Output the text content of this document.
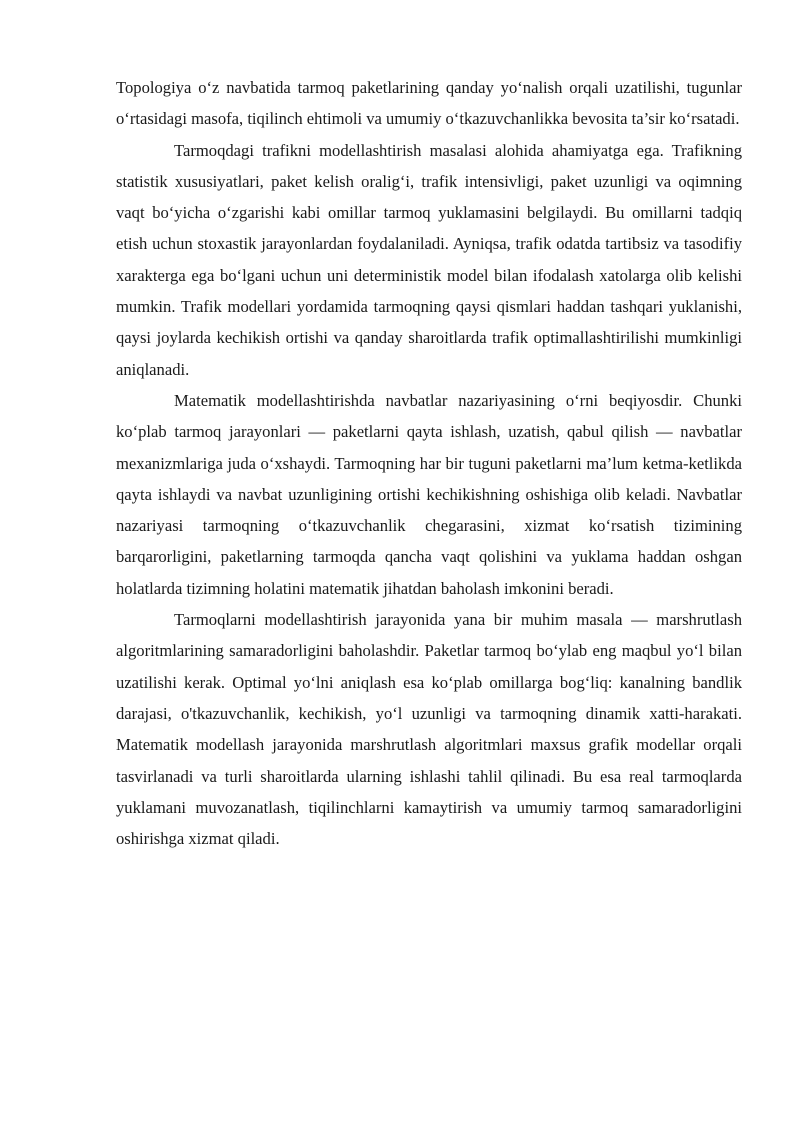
Topologiya o‘z navbatida tarmoq paketlarining qanday yo‘nalish orqali uzatilishi, tugunlar o‘rtasidagi masofa, tiqilinch ehtimoli va umumiy o‘tkazuvchanlikka bevosita ta’sir ko‘rsatadi.

Tarmoqdagi trafikni modellashtirish masalasi alohida ahamiyatga ega. Trafikning statistik xususiyatlari, paket kelish oralig‘i, trafik intensivligi, paket uzunligi va oqimning vaqt bo‘yicha o‘zgarishi kabi omillar tarmoq yuklamasini belgilaydi. Bu omillarni tadqiq etish uchun stoxastik jarayonlardan foydalaniladi. Ayniqsa, trafik odatda tartibsiz va tasodifiy xarakterga ega bo‘lgani uchun uni deterministik model bilan ifodalash xatolarga olib kelishi mumkin. Trafik modellari yordamida tarmoqning qaysi qismlari haddan tashqari yuklanishi, qaysi joylarda kechikish ortishi va qanday sharoitlarda trafik optimallashtirilishi mumkinligi aniqlanadi.

Matematik modellashtirishda navbatlar nazariyasining o‘rni beqiyosdir. Chunki ko‘plab tarmoq jarayonlari — paketlarni qayta ishlash, uzatish, qabul qilish — navbatlar mexanizmlariga juda o‘xshaydi. Tarmoqning har bir tuguni paketlarni ma’lum ketma-ketlikda qayta ishlaydi va navbat uzunligining ortishi kechikishning oshishiga olib keladi. Navbatlar nazariyasi tarmoqning o‘tkazuvchanlik chegarasini, xizmat ko‘rsatish tizimining barqarorligini, paketlarning tarmoqda qancha vaqt qolishini va yuklama haddan oshgan holatlarda tizimning holatini matematik jihatdan baholash imkonini beradi.

Tarmoqlarni modellashtirish jarayonida yana bir muhim masala — marshrutlash algoritmlarining samaradorligini baholashdir. Paketlar tarmoq bo‘ylab eng maqbul yo‘l bilan uzatilishi kerak. Optimal yo‘lni aniqlash esa ko‘plab omillarga bog‘liq: kanalning bandlik darajasi, o'tkazuvchanlik, kechikish, yo‘l uzunligi va tarmoqning dinamik xatti-harakati. Matematik modellash jarayonida marshrutlash algoritmlari maxsus grafik modellar orqali tasvirlanadi va turli sharoitlarda ularning ishlashi tahlil qilinadi. Bu esa real tarmoqlarda yuklamani muvozanatlash, tiqilinchlarni kamaytirish va umumiy tarmoq samaradorligini oshirishga xizmat qiladi.
